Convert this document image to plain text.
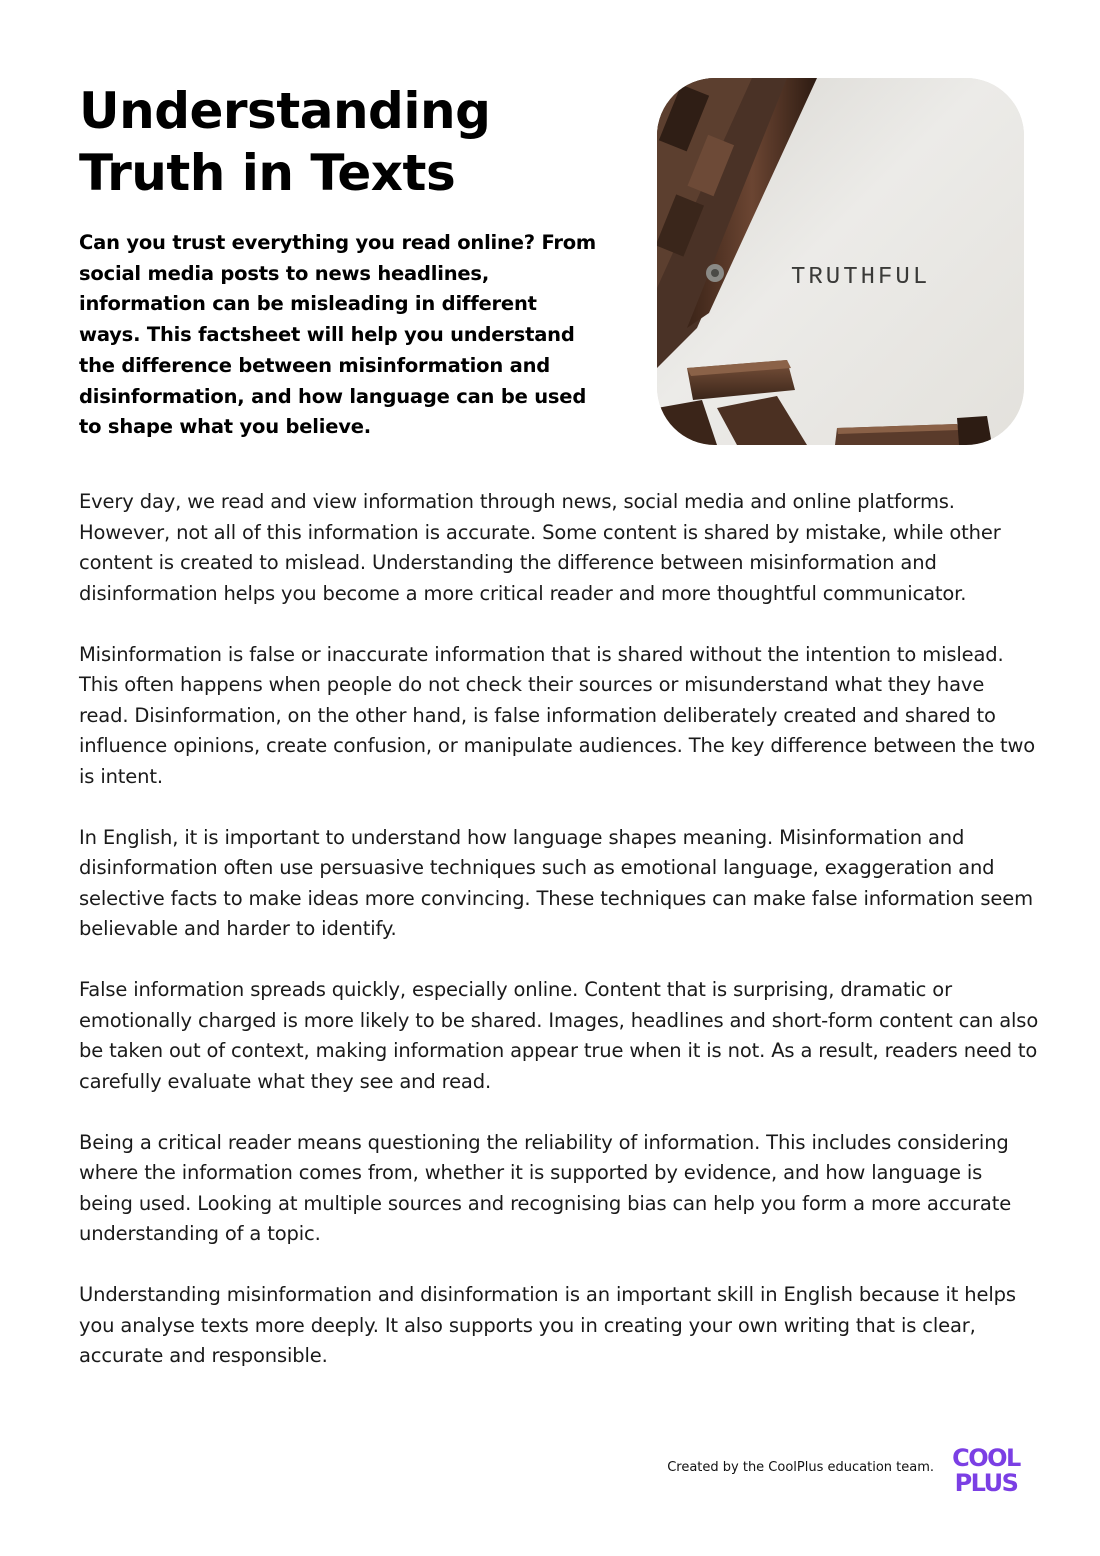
Understanding
Truth in Texts

Can you trust everything you read online? From social media posts to news headlines, information can be misleading in different ways. This factsheet will help you understand the difference between misinformation and disinformation, and how language can be used to shape what you believe.

TRUTHFUL

Every day, we read and view information through news, social media and online platforms. However, not all of this information is accurate. Some content is shared by mistake, while other content is created to mislead. Understanding the difference between misinformation and disinformation helps you become a more critical reader and more thoughtful communicator.

Misinformation is false or inaccurate information that is shared without the intention to mislead. This often happens when people do not check their sources or misunderstand what they have read. Disinformation, on the other hand, is false information deliberately created and shared to influence opinions, create confusion, or manipulate audiences. The key difference between the two is intent.

In English, it is important to understand how language shapes meaning. Misinformation and disinformation often use persuasive techniques such as emotional language, exaggeration and selective facts to make ideas more convincing. These techniques can make false information seem believable and harder to identify.

False information spreads quickly, especially online. Content that is surprising, dramatic or emotionally charged is more likely to be shared. Images, headlines and short-form content can also be taken out of context, making information appear true when it is not. As a result, readers need to carefully evaluate what they see and read.

Being a critical reader means questioning the reliability of information. This includes considering where the information comes from, whether it is supported by evidence, and how language is being used. Looking at multiple sources and recognising bias can help you form a more accurate understanding of a topic.

Understanding misinformation and disinformation is an important skill in English because it helps you analyse texts more deeply. It also supports you in creating your own writing that is clear, accurate and responsible.

Created by the CoolPlus education team. COOL
PLUS
